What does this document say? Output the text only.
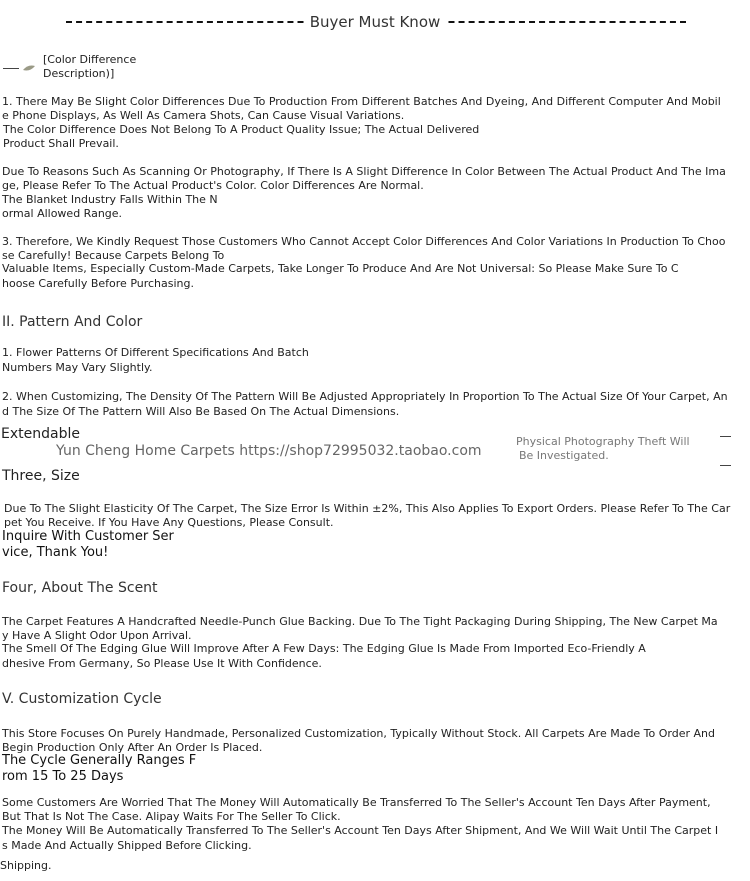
Buyer Must Know
[Color Difference
Description)]
1. There May Be Slight Color Differences Due To Production From Different Batches And Dyeing, And Different Computer And Mobil
e Phone Displays, As Well As Camera Shots, Can Cause Visual Variations.
The Color Difference Does Not Belong To A Product Quality Issue; The Actual Delivered
Product Shall Prevail.
Due To Reasons Such As Scanning Or Photography, If There Is A Slight Difference In Color Between The Actual Product And The Ima
ge, Please Refer To The Actual Product's Color. Color Differences Are Normal.
The Blanket Industry Falls Within The N
ormal Allowed Range.
3. Therefore, We Kindly Request Those Customers Who Cannot Accept Color Differences And Color Variations In Production To Choo
se Carefully! Because Carpets Belong To
Valuable Items, Especially Custom-Made Carpets, Take Longer To Produce And Are Not Universal: So Please Make Sure To C
hoose Carefully Before Purchasing.
II. Pattern And Color
1. Flower Patterns Of Different Specifications And Batch
Numbers May Vary Slightly.
2. When Customizing, The Density Of The Pattern Will Be Adjusted Appropriately In Proportion To The Actual Size Of Your Carpet, An
d The Size Of The Pattern Will Also Be Based On The Actual Dimensions.
Extendable
Yun Cheng Home Carpets https://shop72995032.taobao.com
Physical Photography Theft Will
Be Investigated.
Three, Size
Due To The Slight Elasticity Of The Carpet, The Size Error Is Within ±2%, This Also Applies To Export Orders. Please Refer To The Car
pet You Receive. If You Have Any Questions, Please Consult.
Inquire With Customer Ser
vice, Thank You!
Four, About The Scent
The Carpet Features A Handcrafted Needle-Punch Glue Backing. Due To The Tight Packaging During Shipping, The New Carpet Ma
y Have A Slight Odor Upon Arrival.
The Smell Of The Edging Glue Will Improve After A Few Days: The Edging Glue Is Made From Imported Eco-Friendly A
dhesive From Germany, So Please Use It With Confidence.
V. Customization Cycle
This Store Focuses On Purely Handmade, Personalized Customization, Typically Without Stock. All Carpets Are Made To Order And
Begin Production Only After An Order Is Placed.
The Cycle Generally Ranges F
rom 15 To 25 Days
Some Customers Are Worried That The Money Will Automatically Be Transferred To The Seller's Account Ten Days After Payment,
But That Is Not The Case. Alipay Waits For The Seller To Click.
The Money Will Be Automatically Transferred To The Seller's Account Ten Days After Shipment, And We Will Wait Until The Carpet I
s Made And Actually Shipped Before Clicking.
Shipping.
